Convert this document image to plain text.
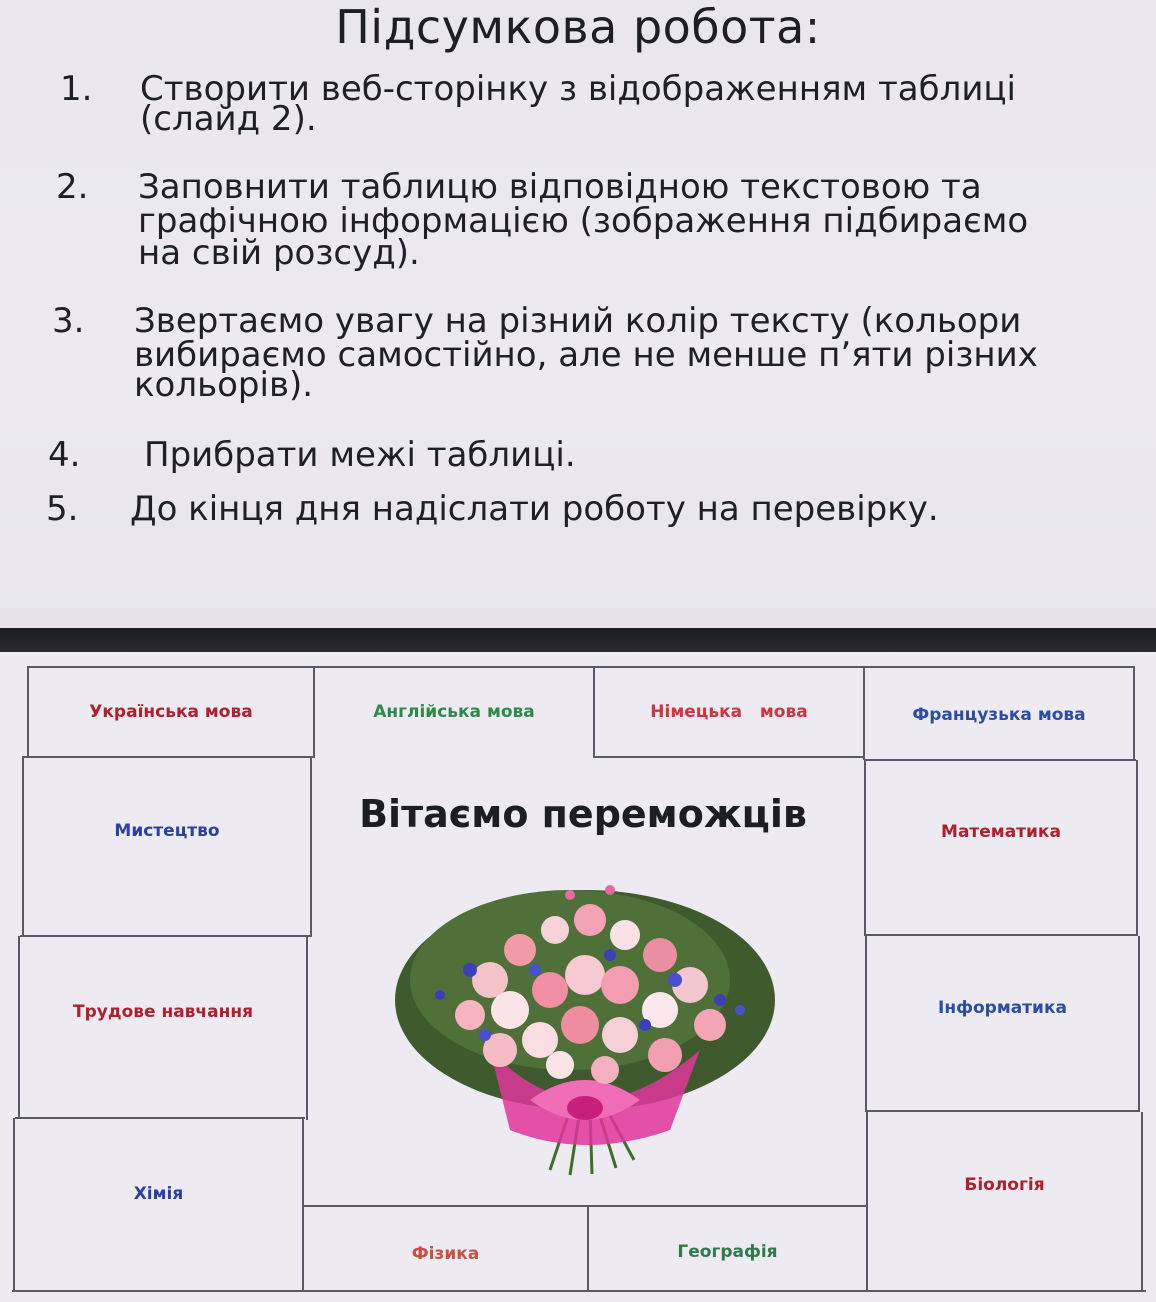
Підсумкова робота:
1. Створити веб-сторінку з відображенням таблиці
(слайд 2).
2. Заповнити таблицю відповідною текстовою та
графічною інформацією (зображення підбираємо
на свій розсуд).
3. Звертаємо увагу на різний колір тексту (кольори
вибираємо самостійно, але не менше п’яти різних
кольорів).
4. Прибрати межі таблиці.
5. До кінця дня надіслати роботу на перевірку.
Українська мова	Англійська мова	Німецька   мова	Французька мова
Мистецтво
Трудове навчання
Хімія
Математика
Інформатика
Біологія
Фізика	Географія
Вітаємо переможців
